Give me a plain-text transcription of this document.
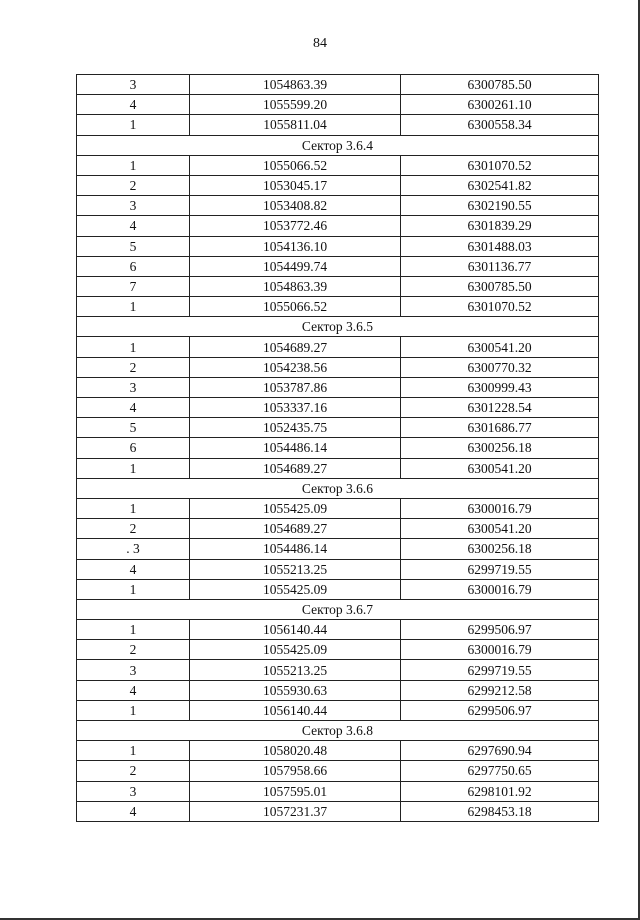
84
3	1054863.39	6300785.50
4	1055599.20	6300261.10
1	1055811.04	6300558.34
Сектор 3.6.4		
1	1055066.52	6301070.52
2	1053045.17	6302541.82
3	1053408.82	6302190.55
4	1053772.46	6301839.29
5	1054136.10	6301488.03
6	1054499.74	6301136.77
7	1054863.39	6300785.50
1	1055066.52	6301070.52
Сектор 3.6.5		
1	1054689.27	6300541.20
2	1054238.56	6300770.32
3	1053787.86	6300999.43
4	1053337.16	6301228.54
5	1052435.75	6301686.77
6	1054486.14	6300256.18
1	1054689.27	6300541.20
Сектор 3.6.6		
1	1055425.09	6300016.79
2	1054689.27	6300541.20
. 3	1054486.14	6300256.18
4	1055213.25	6299719.55
1	1055425.09	6300016.79
Сектор 3.6.7		
1	1056140.44	6299506.97
2	1055425.09	6300016.79
3	1055213.25	6299719.55
4	1055930.63	6299212.58
1	1056140.44	6299506.97
Сектор 3.6.8		
1	1058020.48	6297690.94
2	1057958.66	6297750.65
3	1057595.01	6298101.92
4	1057231.37	6298453.18
